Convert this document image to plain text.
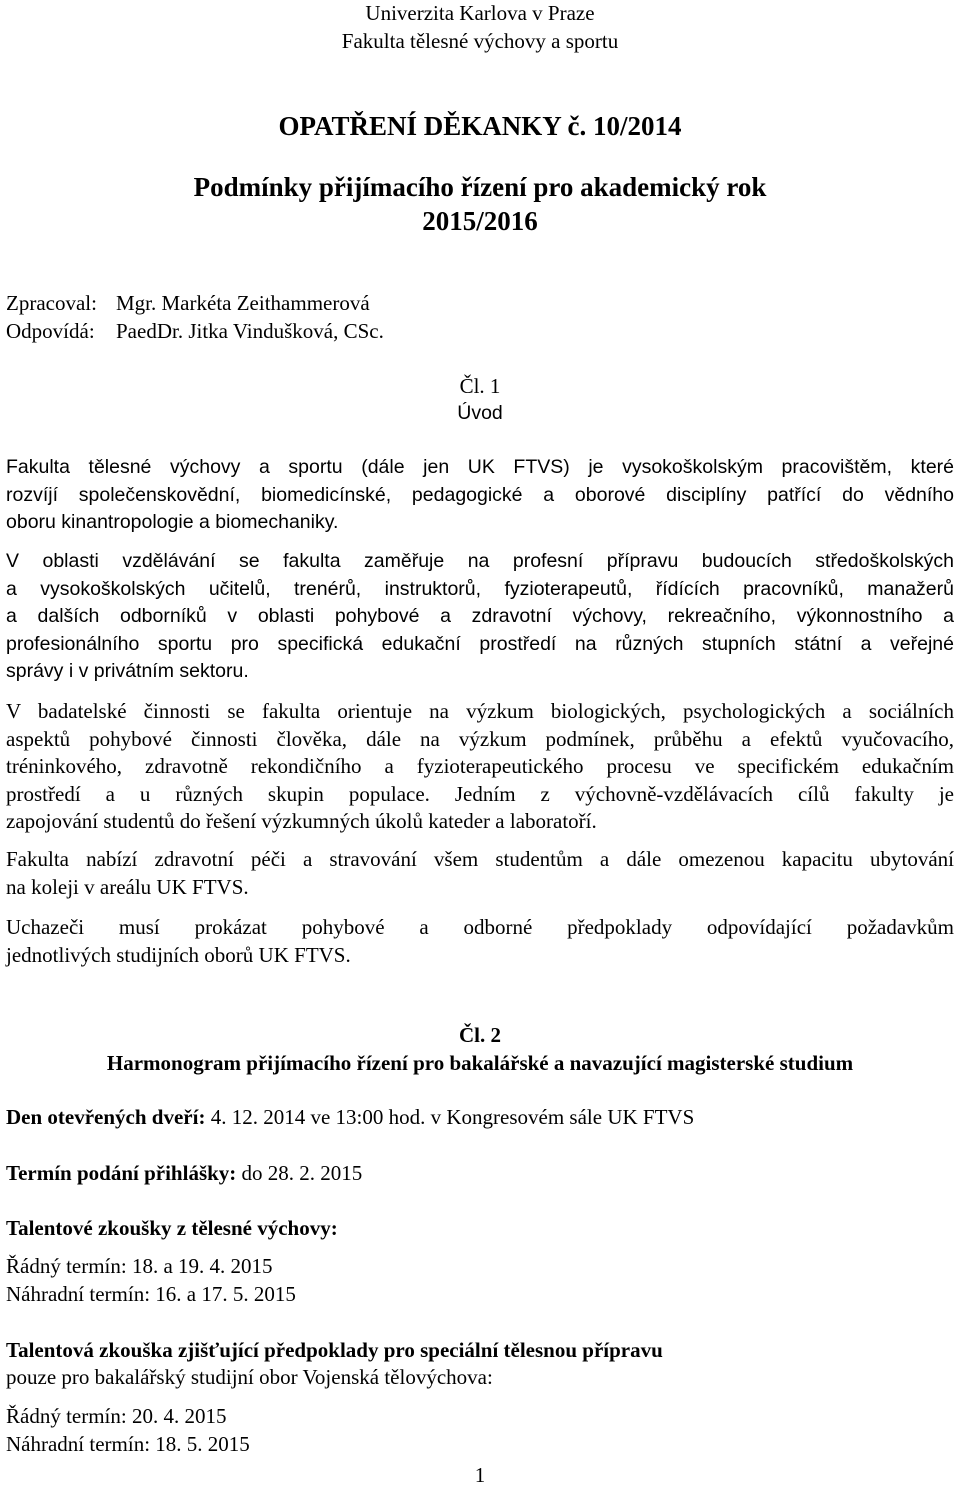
Univerzita Karlova v Praze
Fakulta tělesné výchovy a sportu
OPATŘENÍ DĚKANKY č. 10/2014
Podmínky přijímacího řízení pro akademický rok
2015/2016
Zpracoval: Mgr. Markéta Zeithammerová
Odpovídá: PaedDr. Jitka Vindušková, CSc.
Čl. 1
Úvod
Fakulta tělesné výchovy a sportu (dále jen UK FTVS) je vysokoškolským pracovištěm, které
rozvíjí společenskovědní, biomedicínské, pedagogické a oborové disciplíny patřící do vědního
oboru kinantropologie a biomechaniky.
V oblasti vzdělávání se fakulta zaměřuje na profesní přípravu budoucích středoškolských
a vysokoškolských učitelů, trenérů, instruktorů, fyzioterapeutů, řídících pracovníků, manažerů
a dalších odborníků v oblasti pohybové a zdravotní výchovy, rekreačního, výkonnostního a
profesionálního sportu pro specifická edukační prostředí na různých stupních státní a veřejné
správy i v privátním sektoru.
V badatelské činnosti se fakulta orientuje na výzkum biologických, psychologických a sociálních
aspektů pohybové činnosti člověka, dále na výzkum podmínek, průběhu a efektů vyučovacího,
tréninkového, zdravotně rekondičního a fyzioterapeutického procesu ve specifickém edukačním
prostředí a u různých skupin populace. Jedním z výchovně-vzdělávacích cílů fakulty je
zapojování studentů do řešení výzkumných úkolů kateder a laboratoří.
Fakulta nabízí zdravotní péči a stravování všem studentům a dále omezenou kapacitu ubytování
na koleji v areálu UK FTVS.
Uchazeči musí prokázat pohybové a odborné předpoklady odpovídající požadavkům
jednotlivých studijních oborů UK FTVS.
Čl. 2
Harmonogram přijímacího řízení pro bakalářské a navazující magisterské studium
Den otevřených dveří: 4. 12. 2014 ve 13:00 hod. v Kongresovém sále UK FTVS
Termín podání přihlášky: do 28. 2. 2015
Talentové zkoušky z tělesné výchovy:
Řádný termín: 18. a 19. 4. 2015
Náhradní termín: 16. a 17. 5. 2015
Talentová zkouška zjišťující předpoklady pro speciální tělesnou přípravu
pouze pro bakalářský studijní obor Vojenská tělovýchova:
Řádný termín: 20. 4. 2015
Náhradní termín: 18. 5. 2015
1
